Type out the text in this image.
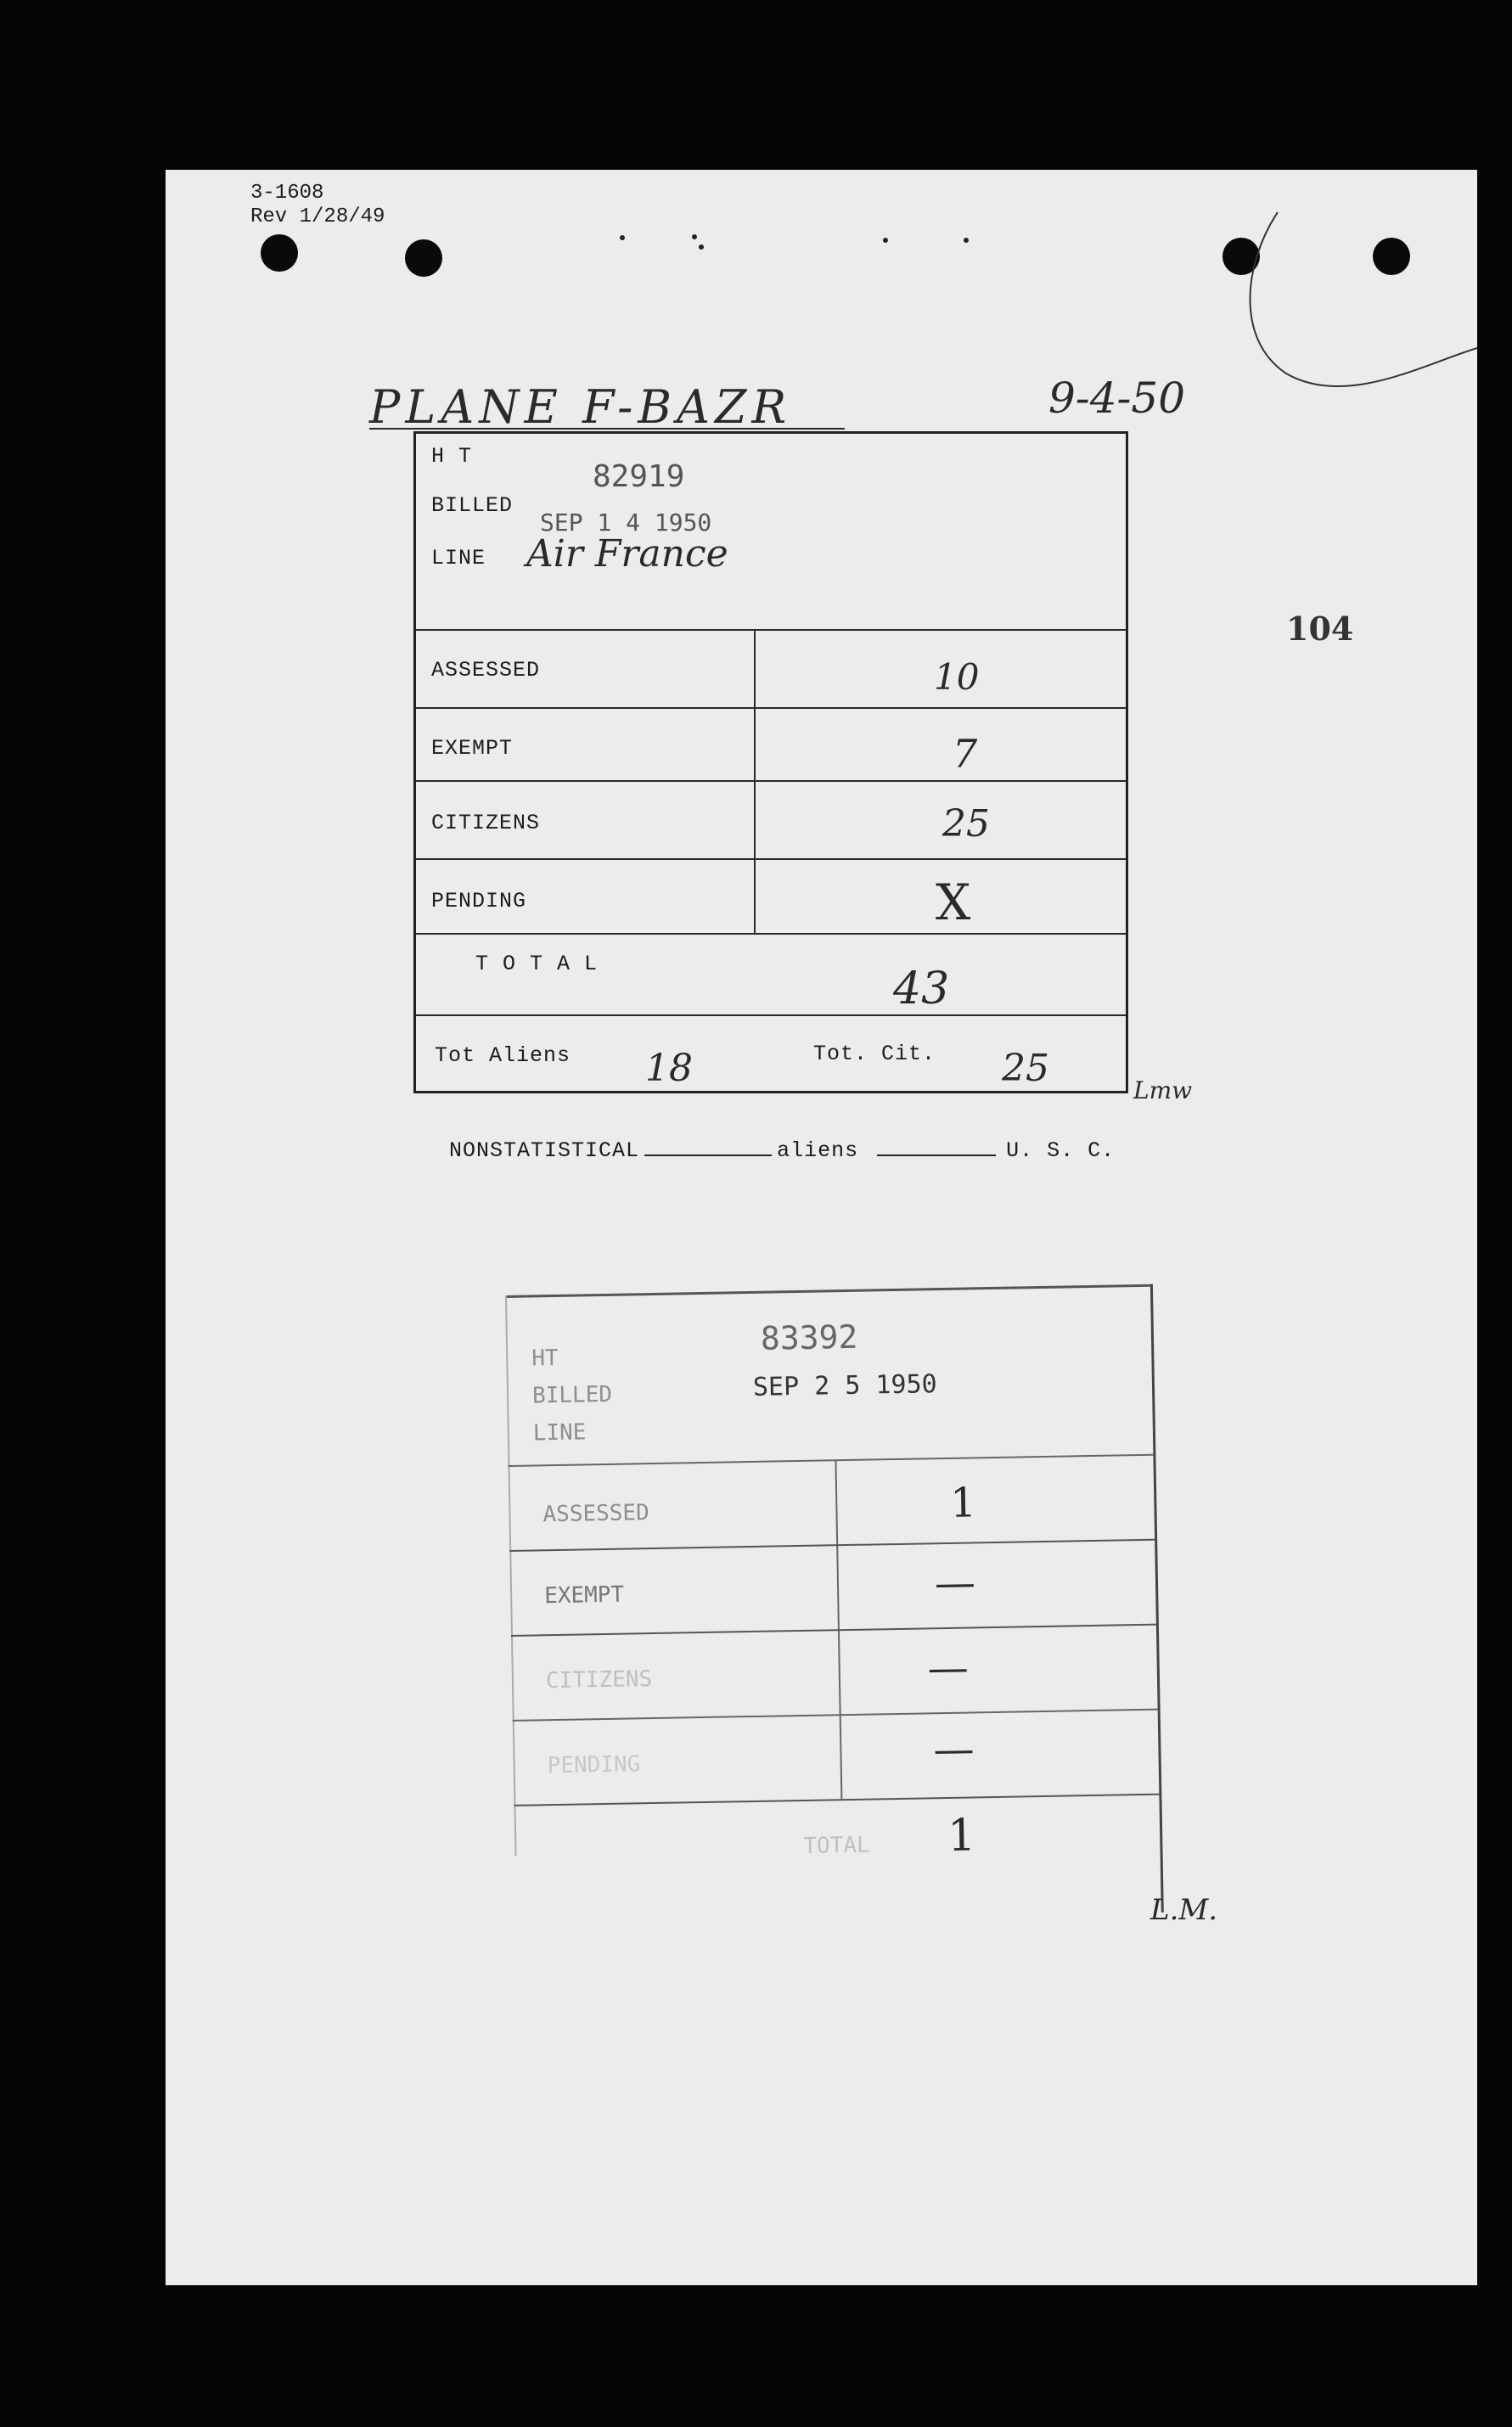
3-1608
Rev 1/28/49
PLANE F-BAZR	9-4-50
104
H T
82919
BILLED
SEP 1 4 1950
LINE Air France
ASSESSED	10
EXEMPT	7
CITIZENS	25
PENDING	X
T O T A L	43
Tot Aliens 18	Tot. Cit. 25
Lmw

NONSTATISTICAL	aliens	U. S. C.

HT
83392
BILLED	SEP 2 5 1950
LINE
ASSESSED	1
EXEMPT	—
CITIZENS	—
PENDING	—
TOTAL 1
L.M.
